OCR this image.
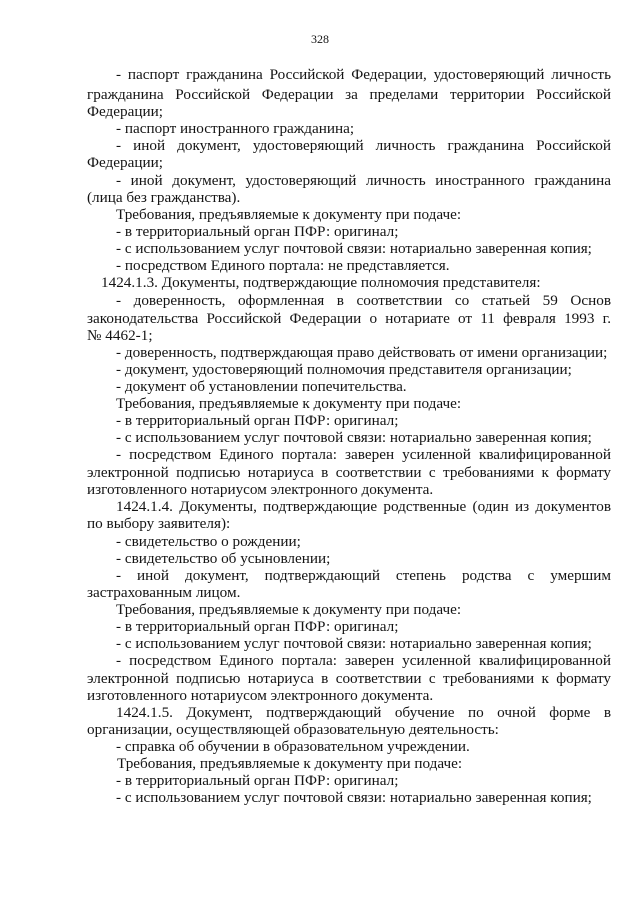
328
- паспорт гражданина Российской Федерации, удостоверяющий личность
гражданина Российской Федерации за пределами территории Российской
Федерации;
- паспорт иностранного гражданина;
- иной документ, удостоверяющий личность гражданина Российской
Федерации;
- иной документ, удостоверяющий личность иностранного гражданина
(лица без гражданства).
Требования, предъявляемые к документу при подаче:
- в территориальный орган ПФР: оригинал;
- с использованием услуг почтовой связи: нотариально заверенная копия;
- посредством Единого портала: не представляется.
1424.1.3. Документы, подтверждающие полномочия представителя:
- доверенность, оформленная в соответствии со статьей 59 Основ
законодательства Российской Федерации о нотариате от 11 февраля 1993 г.
№ 4462-1;
- доверенность, подтверждающая право действовать от имени организации;
- документ, удостоверяющий полномочия представителя организации;
- документ об установлении попечительства.
Требования, предъявляемые к документу при подаче:
- в территориальный орган ПФР: оригинал;
- с использованием услуг почтовой связи: нотариально заверенная копия;
- посредством Единого портала: заверен усиленной квалифицированной
электронной подписью нотариуса в соответствии с требованиями к формату
изготовленного нотариусом электронного документа.
1424.1.4. Документы, подтверждающие родственные (один из документов
по выбору заявителя):
- свидетельство о рождении;
- свидетельство об усыновлении;
- иной документ, подтверждающий степень родства с умершим
застрахованным лицом.
Требования, предъявляемые к документу при подаче:
- в территориальный орган ПФР: оригинал;
- с использованием услуг почтовой связи: нотариально заверенная копия;
- посредством Единого портала: заверен усиленной квалифицированной
электронной подписью нотариуса в соответствии с требованиями к формату
изготовленного нотариусом электронного документа.
1424.1.5. Документ, подтверждающий обучение по очной форме в
организации, осуществляющей образовательную деятельность:
- справка об обучении в образовательном учреждении.
Требования, предъявляемые к документу при подаче:
- в территориальный орган ПФР: оригинал;
- с использованием услуг почтовой связи: нотариально заверенная копия;
